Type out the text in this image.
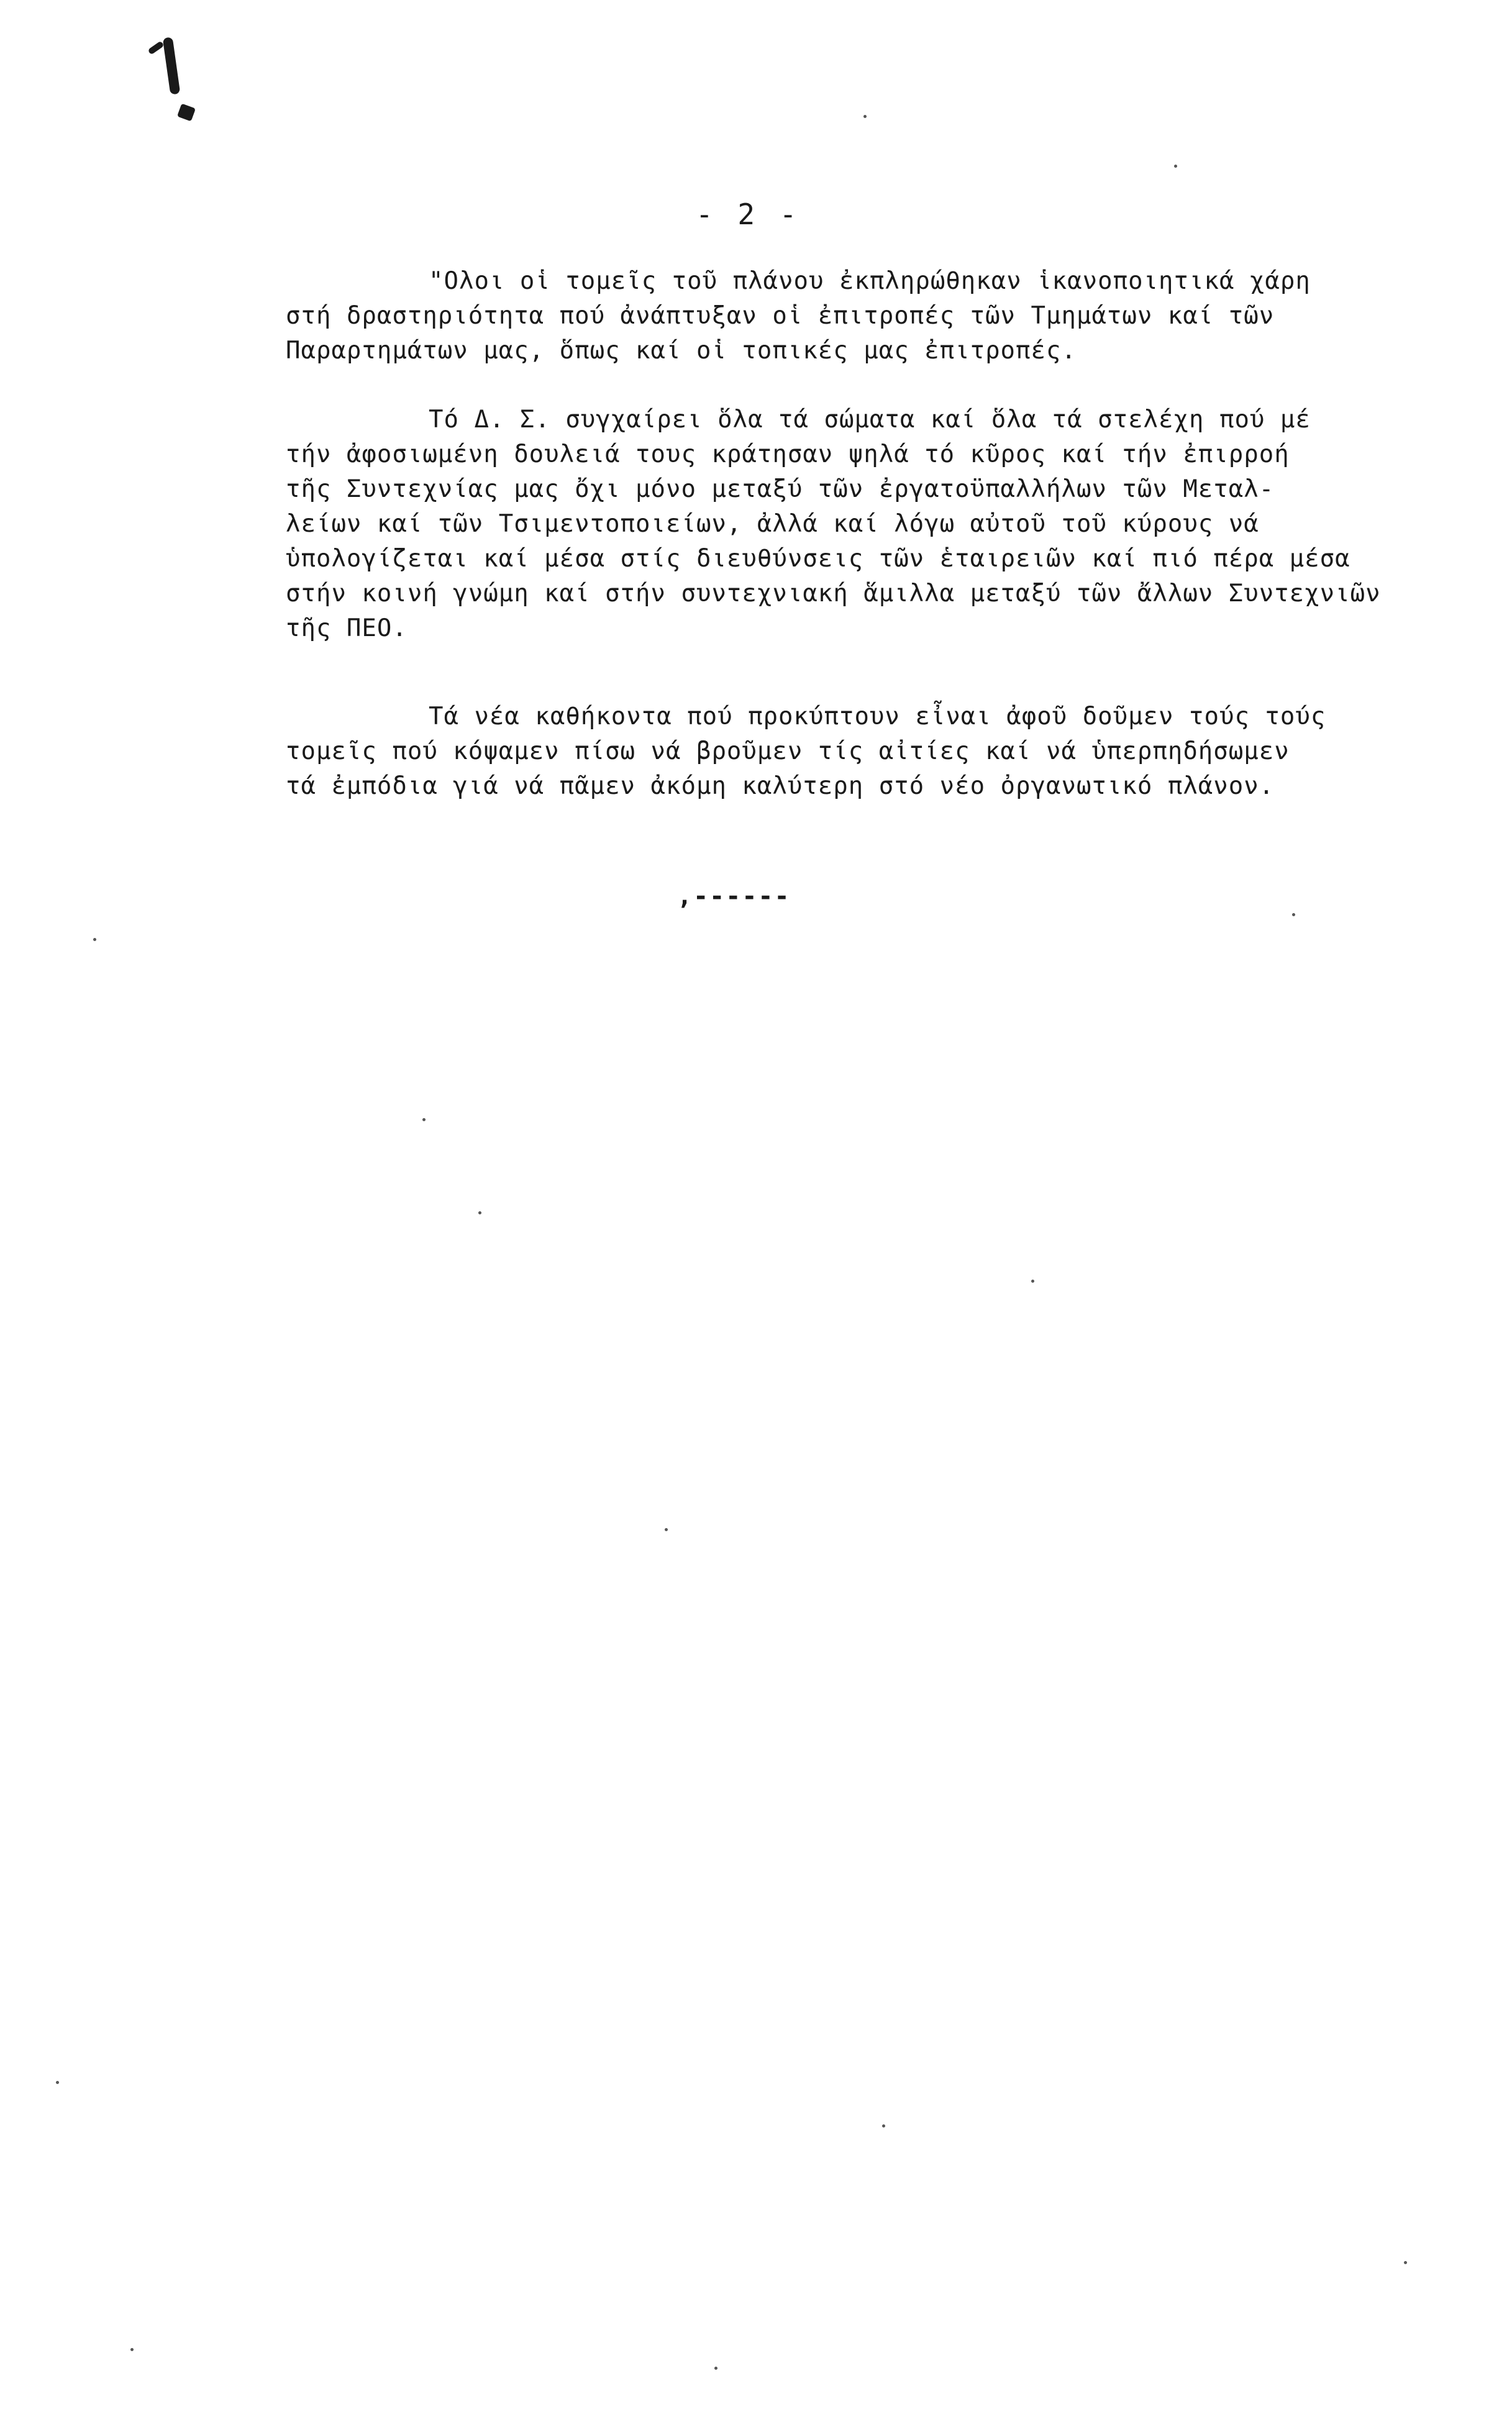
- 2 -
"Ολοι οἱ τομεῖς τοῦ πλάνου ἐκπληρώθηκαν ἱκανοποιητικά χάρη
στή δραστηριότητα πού ἀνάπτυξαν οἱ ἐπιτροπές τῶν Τμημάτων καί τῶν
Παραρτημάτων μας, ὅπως καί οἱ τοπικές μας ἐπιτροπές.
Τό Δ. Σ. συγχαίρει ὅλα τά σώματα καί ὅλα τά στελέχη πού μέ
τήν ἀφοσιωμένη δουλειά τους κράτησαν ψηλά τό κῦρος καί τήν ἐπιρροή
τῆς Συντεχνίας μας ὄχι μόνο μεταξύ τῶν ἐργατοϋπαλλήλων τῶν Μεταλ-
λείων καί τῶν Τσιμεντοποιείων, ἀλλά καί λόγω αὐτοῦ τοῦ κύρους νά
ὑπολογίζεται καί μέσα στίς διευθύνσεις τῶν ἑταιρειῶν καί πιό πέρα μέσα
στήν κοινή γνώμη καί στήν συντεχνιακή ἅμιλλα μεταξύ τῶν ἄλλων Συντεχνιῶν
τῆς ΠΕΟ.
Τά νέα καθήκοντα πού προκύπτουν εἶναι ἀφοῦ δοῦμεν τούς τούς
τομεῖς πού κόψαμεν πίσω νά βροῦμεν τίς αἰτίες καί νά ὑπερπηδήσωμεν
τά ἐμπόδια γιά νά πᾶμεν ἀκόμη καλύτερη στό νέο ὀργανωτικό πλάνον.
,------
